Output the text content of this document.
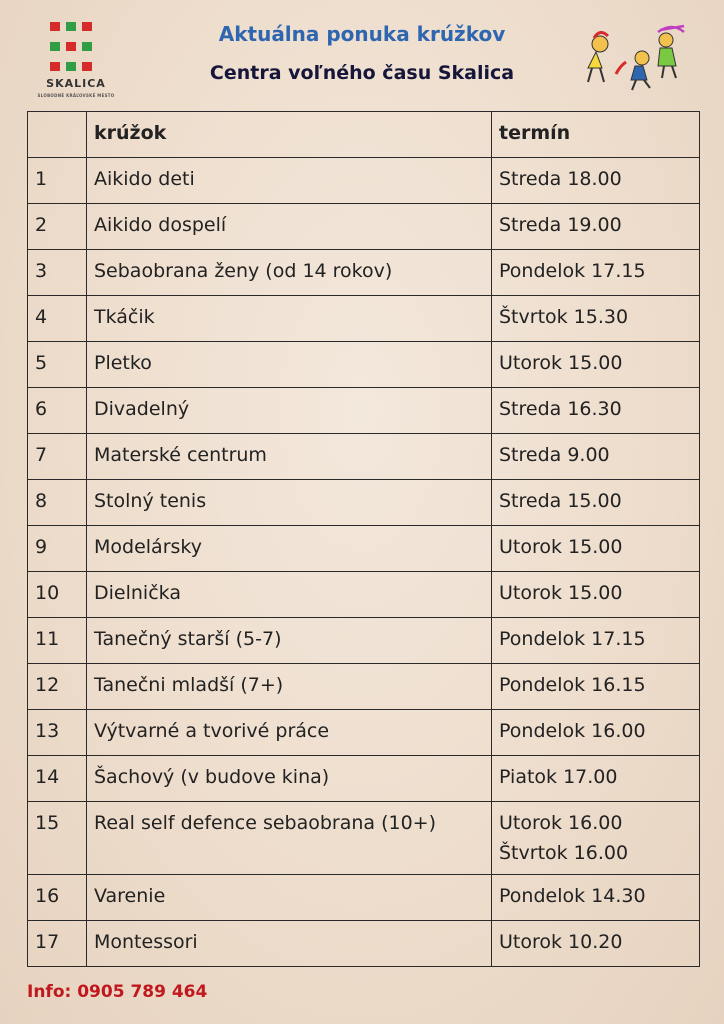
SKALICA
SLOBODNÉ KRÁĽOVSKÉ MESTO
Aktuálna ponuka krúžkov
Centra voľného času Skalica
	krúžok	termín
1	Aikido deti	Streda 18.00

2	Aikido dospelí	Streda 19.00

3	Sebaobrana ženy (od 14 rokov)	Pondelok 17.15

4	Tkáčik	Štvrtok 15.30

5	Pletko	Utorok 15.00

6	Divadelný	Streda 16.30

7	Materské centrum	Streda 9.00

8	Stolný tenis	Streda 15.00

9	Modelársky	Utorok 15.00

10	Dielnička	Utorok 15.00

11	Tanečný starší (5-7)	Pondelok 17.15

12	Tanečni mladší (7+)	Pondelok 16.15

13	Výtvarné a tvorivé práce	Pondelok 16.00

14	Šachový (v budove kina)	Piatok 17.00

15	Real self defence sebaobrana (10+)	Utorok 16.00
Štvrtok 16.00

16	Varenie	Pondelok 14.30

17	Montessori	Utorok 10.20
Info: 0905 789 464
